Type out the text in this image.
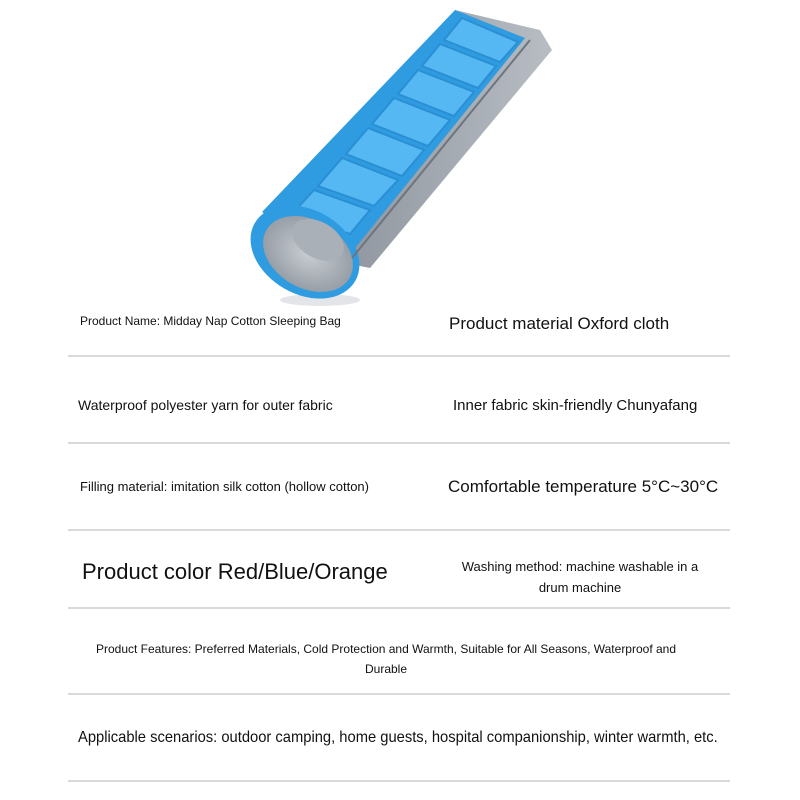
Product Name: Midday Nap Cotton Sleeping Bag	Product material Oxford cloth
Waterproof polyester yarn for outer fabric	Inner fabric skin-friendly Chunyafang
Filling material: imitation silk cotton (hollow cotton)	Comfortable temperature 5°C~30°C
Product color Red/Blue/Orange	Washing method: machine washable in a drum machine
Product Features: Preferred Materials, Cold Protection and Warmth, Suitable for All Seasons, Waterproof and Durable
Applicable scenarios: outdoor camping, home guests, hospital companionship, winter warmth, etc.
